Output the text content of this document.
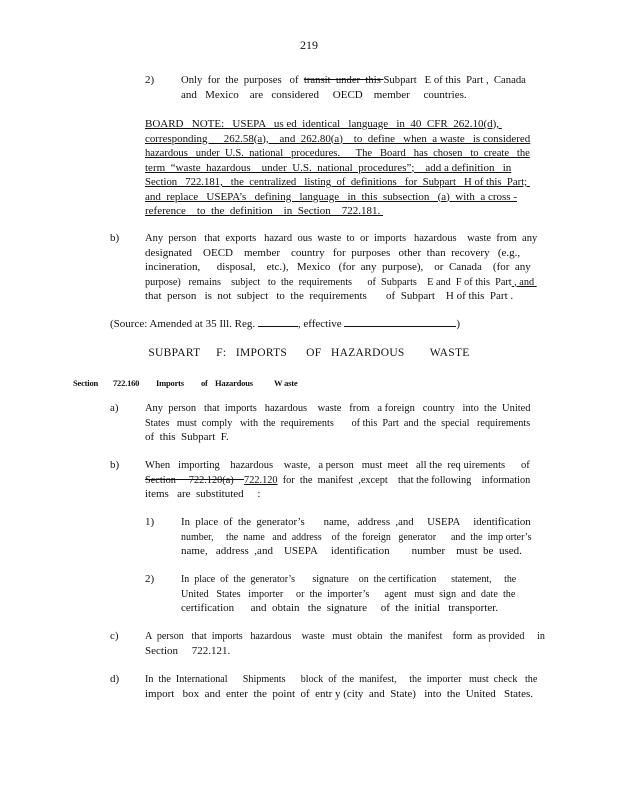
219
2) Only  for  the  purposes   of  transit  under  this Subpart   E of this  Part ,  Canada
and   Mexico    are   considered     OECD    member     countries.
BOARD   NOTE:   USEPA   us ed  identical   language   in  40  CFR  262.10(d),
corresponding      262.58(a),    and  262.80(a)    to  define   when  a waste   is considered
hazardous   under  U.S.  national   procedures.      The   Board   has  chosen   to  create   the
term  “waste  hazardous    under  U.S.  national  procedures”;    add a definition   in
Section   722.181,   the  centralized   listing  of  definitions   for  Subpart   H of this  Part;
and  replace   USEPA’s   defining   language   in  this  subsection   (a)  with  a cross -
reference    to  the  definition    in  Section    722.181.
b) Any  person   that  exports   hazard  ous  waste  to  or  imports   hazardous    waste  from  any
designated    OECD    member    country   for  purposes   other  than  recovery   (e.g.,
incineration,      disposal,    etc.),   Mexico   (for  any  purpose),    or  Canada    (for  any
purpose)   remains    subject   to  the  requirements      of  Subparts    E and  F of this  Part , and
that  person   is  not  subject   to  the  requirements       of  Subpart    H of this  Part .
(Source: Amended at 35 Ill. Reg.	, effective	)
SUBPART     F:   IMPORTS      OF   HAZARDOUS        WASTE
Section 722.160 Imports of Hazardous W aste
a) Any  person   that  imports   hazardous    waste   from   a foreign   country   into  the  United
States   must  comply   with  the  requirements       of this  Part  and  the  special   requirements
of  this  Subpart  F.
b) When   importing    hazardous    waste,   a person   must  meet   all the  req uirements      of
Section     722.120(a)    722.120  for  the  manifest  ,except    that the following    information
items   are  substituted     :
1) In  place  of  the  generator’s       name,   address  ,and     USEPA     identification
number,     the  name   and  address    of  the  foreign   generator      and  the  imp orter’s
name,   address  ,and    USEPA     identification        number    must  be  used.
2) In  place  of  the  generator’s       signature    on  the certification      statement,     the
United   States   importer     or  the  importer’s      agent   must  sign  and  date  the
certification      and  obtain   the  signature     of  the  initial   transporter.
c) A  person   that  imports   hazardous    waste   must  obtain   the  manifest    form  as provided     in
Section     722.121.
d) In  the  International      Shipments      block  of  the  manifest,     the  importer   must  check   the
import   box  and  enter  the  point  of  entr y (city  and  State)   into  the  United   States.
